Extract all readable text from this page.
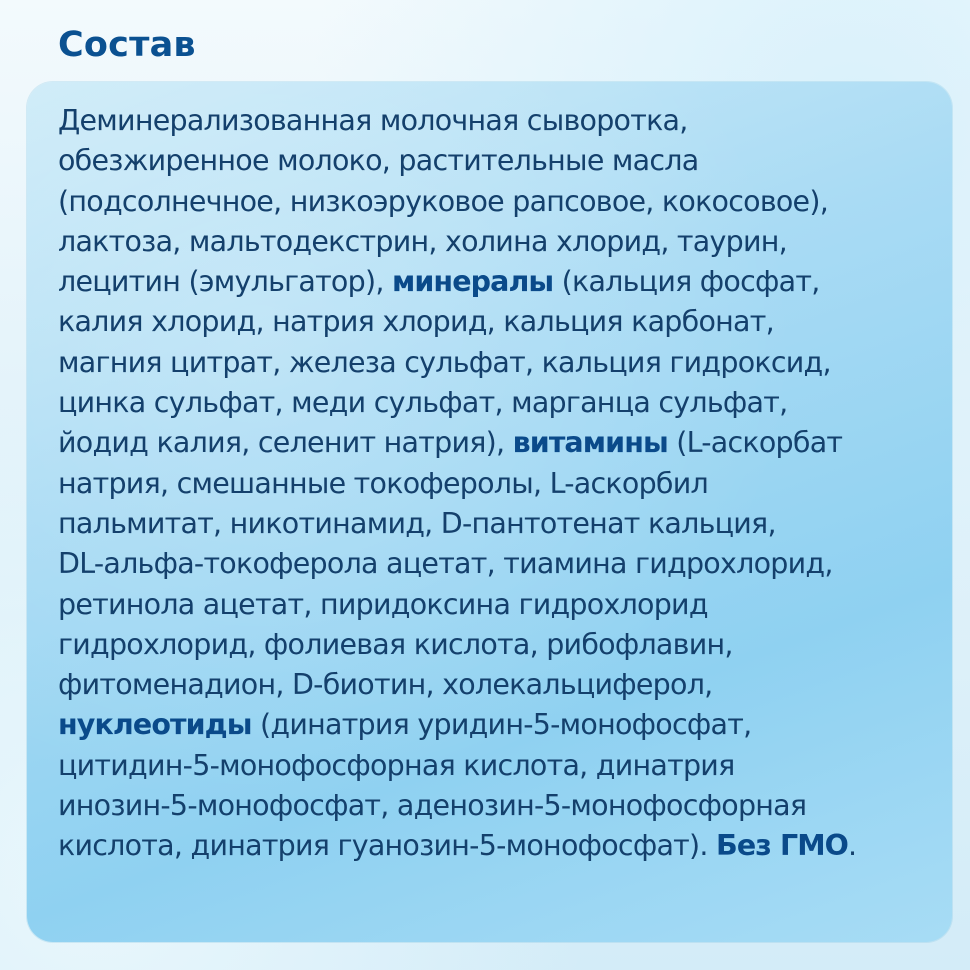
Состав

Деминерализованная молочная сыворотка,
обезжиренное молоко, растительные масла
(подсолнечное, низкоэруковое рапсовое, кокосовое),
лактоза, мальтодекстрин, холина хлорид, таурин,
лецитин (эмульгатор), минералы (кальция фосфат,
калия хлорид, натрия хлорид, кальция карбонат,
магния цитрат, железа сульфат, кальция гидроксид,
цинка сульфат, меди сульфат, марганца сульфат,
йодид калия, селенит натрия), витамины (L-аскорбат
натрия, смешанные токоферолы, L-аскорбил
пальмитат, никотинамид, D-пантотенат кальция,
DL-альфа-токоферола ацетат, тиамина гидрохлорид,
ретинола ацетат, пиридоксина гидрохлорид
гидрохлорид, фолиевая кислота, рибофлавин,
фитоменадион, D-биотин, холекальциферол,
нуклеотиды (динатрия уридин-5-монофосфат,
цитидин-5-монофосфорная кислота, динатрия
инозин-5-монофосфат, аденозин-5-монофосфорная
кислота, динатрия гуанозин-5-монофосфат). Без ГМО.
